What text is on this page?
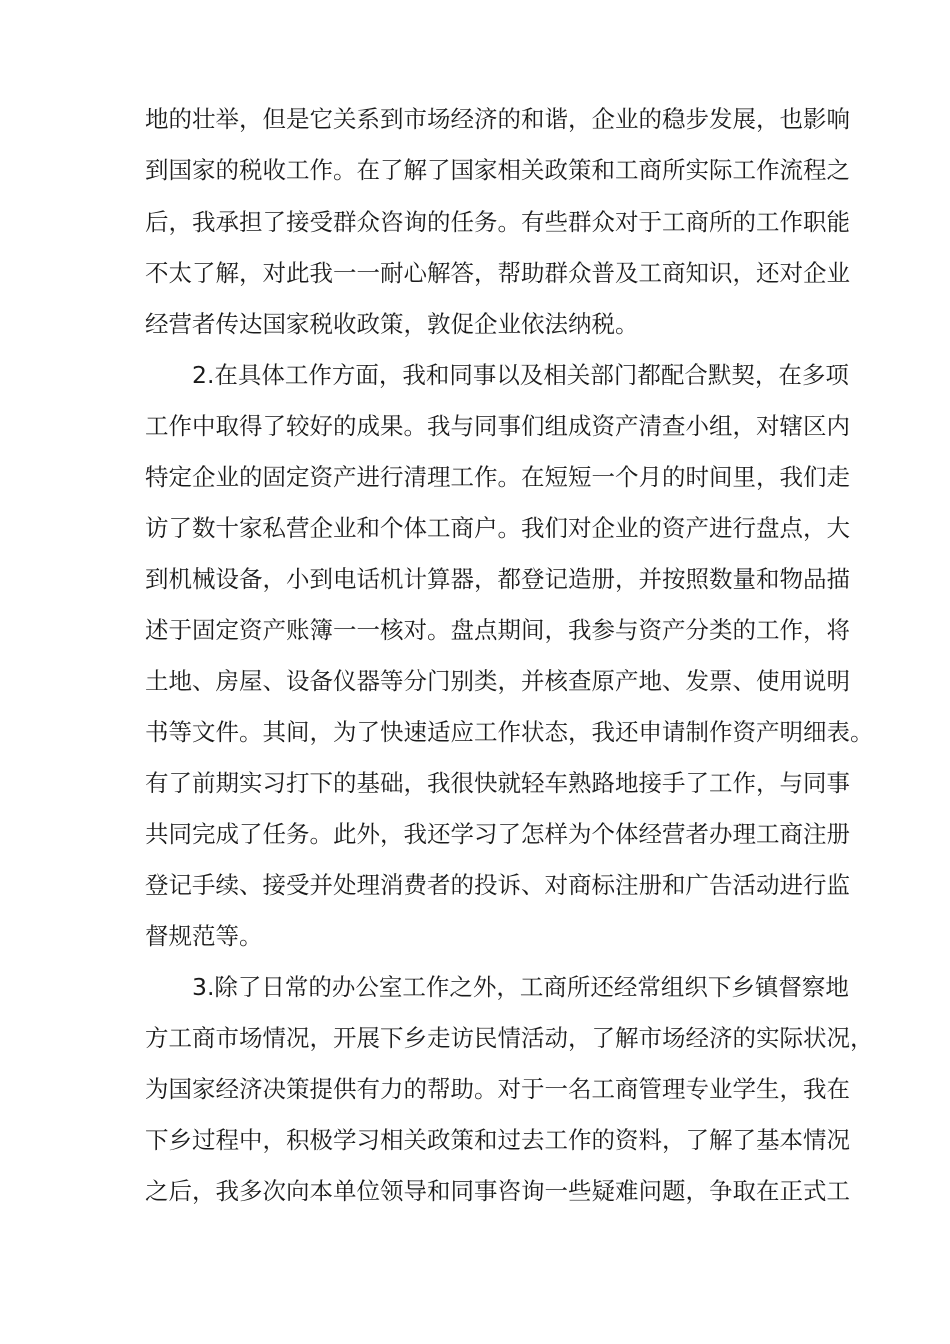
地的壮举，但是它关系到市场经济的和谐，企业的稳步发展，也影响
到国家的税收工作。在了解了国家相关政策和工商所实际工作流程之
后，我承担了接受群众咨询的任务。有些群众对于工商所的工作职能
不太了解，对此我一一耐心解答，帮助群众普及工商知识，还对企业
经营者传达国家税收政策，敦促企业依法纳税。
2.在具体工作方面，我和同事以及相关部门都配合默契，在多项
工作中取得了较好的成果。我与同事们组成资产清查小组，对辖区内
特定企业的固定资产进行清理工作。在短短一个月的时间里，我们走
访了数十家私营企业和个体工商户。我们对企业的资产进行盘点，大
到机械设备，小到电话机计算器，都登记造册，并按照数量和物品描
述于固定资产账簿一一核对。盘点期间，我参与资产分类的工作，将
土地、房屋、设备仪器等分门别类，并核查原产地、发票、使用说明
书等文件。其间，为了快速适应工作状态，我还申请制作资产明细表。
有了前期实习打下的基础，我很快就轻车熟路地接手了工作，与同事
共同完成了任务。此外，我还学习了怎样为个体经营者办理工商注册
登记手续、接受并处理消费者的投诉、对商标注册和广告活动进行监
督规范等。
3.除了日常的办公室工作之外，工商所还经常组织下乡镇督察地
方工商市场情况，开展下乡走访民情活动，了解市场经济的实际状况，
为国家经济决策提供有力的帮助。对于一名工商管理专业学生，我在
下乡过程中，积极学习相关政策和过去工作的资料，了解了基本情况
之后，我多次向本单位领导和同事咨询一些疑难问题，争取在正式工
